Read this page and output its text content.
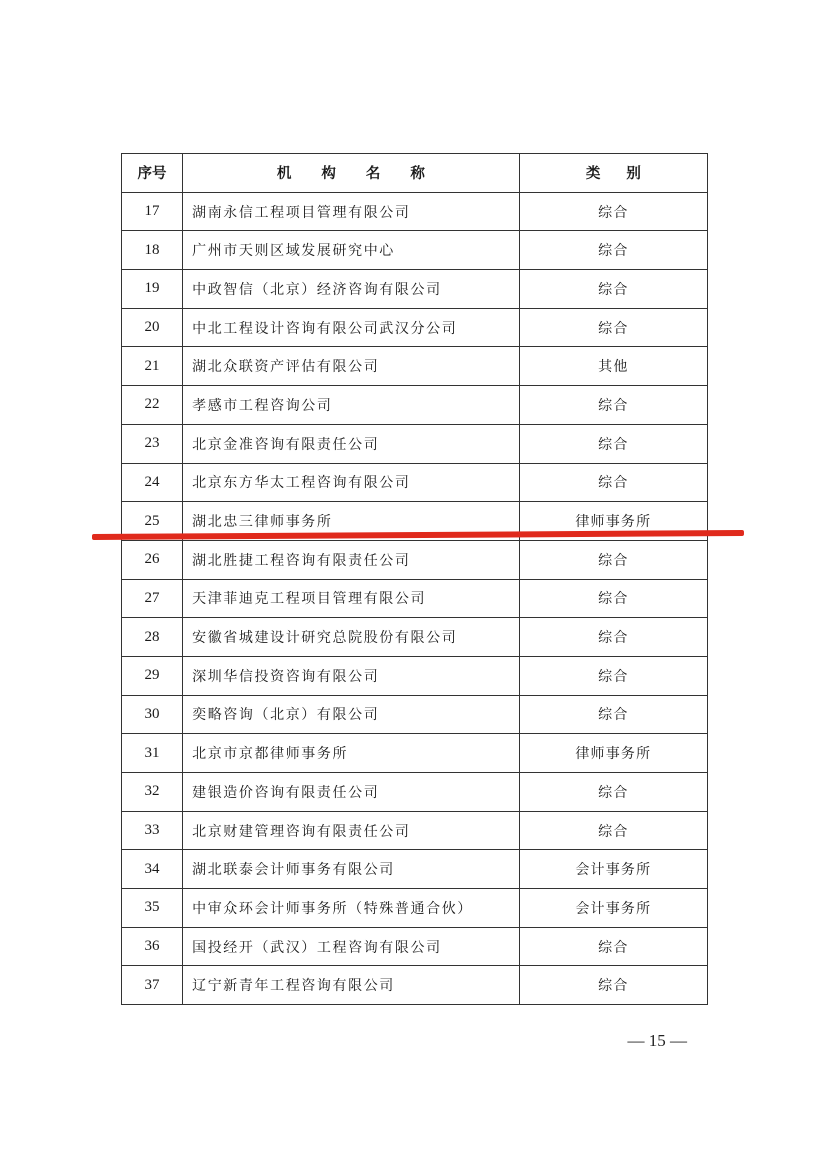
序号	机构名称	类别
17	湖南永信工程项目管理有限公司	综合
18	广州市天则区域发展研究中心	综合
19	中政智信（北京）经济咨询有限公司	综合
20	中北工程设计咨询有限公司武汉分公司	综合
21	湖北众联资产评估有限公司	其他
22	孝感市工程咨询公司	综合
23	北京金准咨询有限责任公司	综合
24	北京东方华太工程咨询有限公司	综合
25	湖北忠三律师事务所	律师事务所
26	湖北胜捷工程咨询有限责任公司	综合
27	天津菲迪克工程项目管理有限公司	综合
28	安徽省城建设计研究总院股份有限公司	综合
29	深圳华信投资咨询有限公司	综合
30	奕略咨询（北京）有限公司	综合
31	北京市京都律师事务所	律师事务所
32	建银造价咨询有限责任公司	综合
33	北京财建管理咨询有限责任公司	综合
34	湖北联泰会计师事务有限公司	会计事务所
35	中审众环会计师事务所（特殊普通合伙）	会计事务所
36	国投经开（武汉）工程咨询有限公司	综合
37	辽宁新青年工程咨询有限公司	综合
— 15 —
